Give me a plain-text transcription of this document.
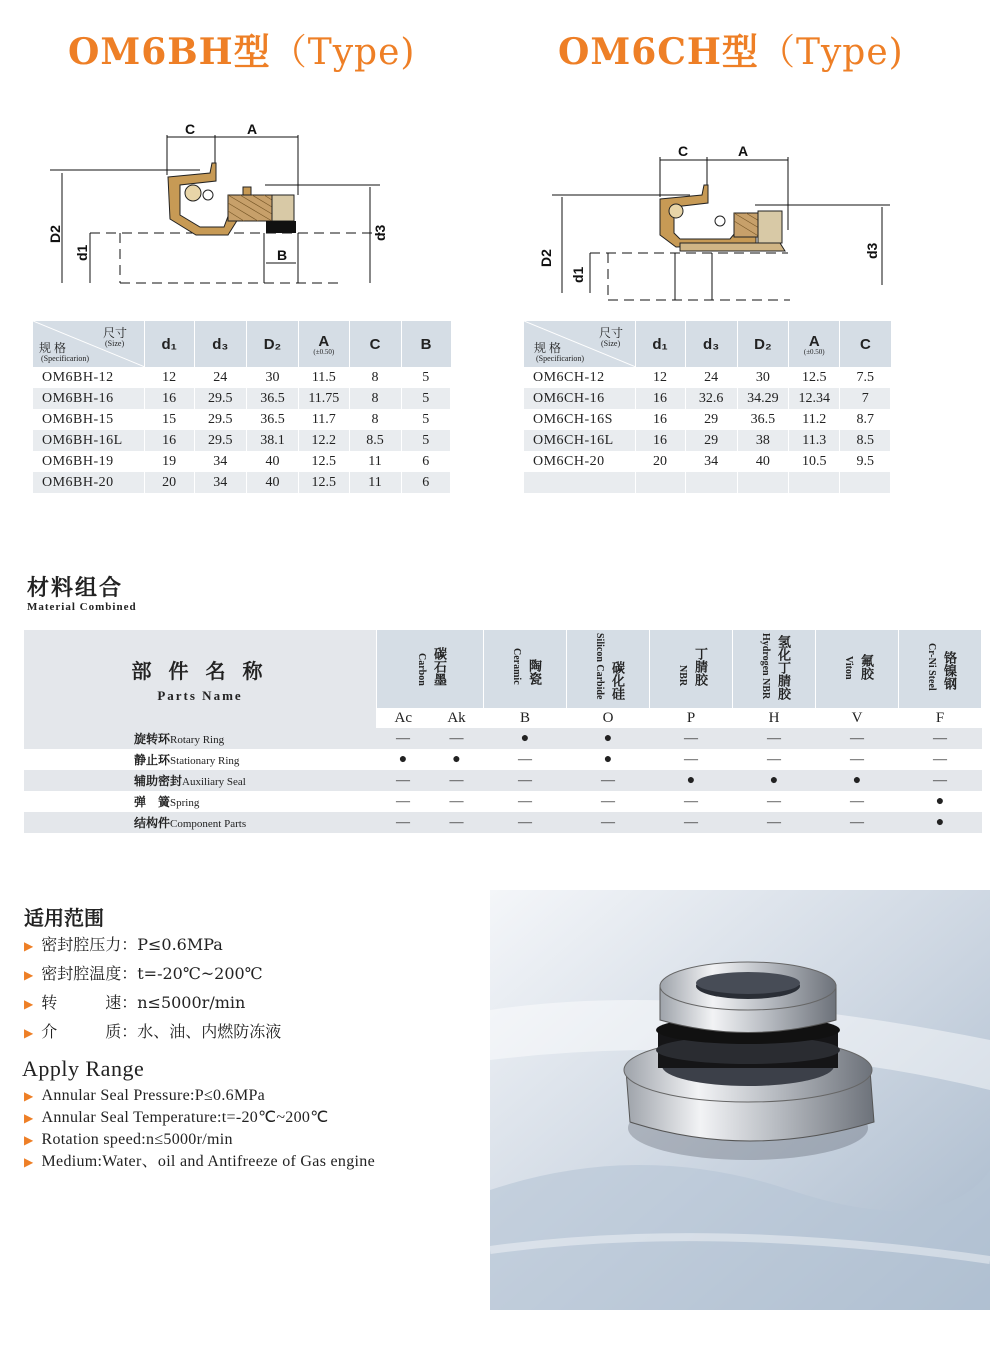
OM6BH型（Type)	OM6CH型（Type)
C	A
B
D2
d1
d3
C	A
D2
d1
d3
尺寸
(Size)
规 格
(Specificarion)	d₁	d₃	D₂	A
(±0.50)	C	B
OM6BH-12	12	24	30	11.5	8	5
OM6BH-16	16	29.5	36.5	11.75	8	5
OM6BH-15	15	29.5	36.5	11.7	8	5
OM6BH-16L	16	29.5	38.1	12.2	8.5	5
OM6BH-19	19	34	40	12.5	11	6
OM6BH-20	20	34	40	12.5	11	6
尺寸
(Size)
规 格
(Specificarion)	d₁	d₃	D₂	A
(±0.50)	C
OM6CH-12	12	24	30	12.5	7.5
OM6CH-16	16	32.6	34.29	12.34	7
OM6CH-16S	16	29	36.5	11.2	8.7
OM6CH-16L	16	29	38	11.3	8.5
OM6CH-20	20	34	40	10.5	9.5

材料组合
Material Combined
部 件 名 称
Parts Name	Carbon 碳石墨		Ceramic 陶瓷	Silicon Carbide 碳化硅	NBR 丁腈胶	Hydrogen NBR 氢化丁腈胶	Viton 氟胶	Cr-Ni Steel 铬镍钢
	Ac	Ak	B	O	P	H	V	F
旋转环Rotary Ring	—	—	●	●	—	—	—	—
静止环Stationary Ring	●	●	—	●	—	—	—	—
辅助密封Auxiliary Seal	—	—	—	—	●	●	●	—
弹　簧Spring	—	—	—	—	—	—	—	●
结构件Component Parts	—	—	—	—	—	—	—	●
适用范围
▶ 密封腔压力：P≤0.6MPa
▶ 密封腔温度：t=-20℃~200℃
▶ 转　　　速：n≤5000r/min
▶ 介　　　质：水、油、内燃防冻液
Apply Range
▶ Annular Seal Pressure:P≤0.6MPa
▶ Annular Seal Temperature:t=-20℃~200℃
▶ Rotation speed:n≤5000r/min
▶ Medium:Water、oil and Antifreeze of Gas engine
